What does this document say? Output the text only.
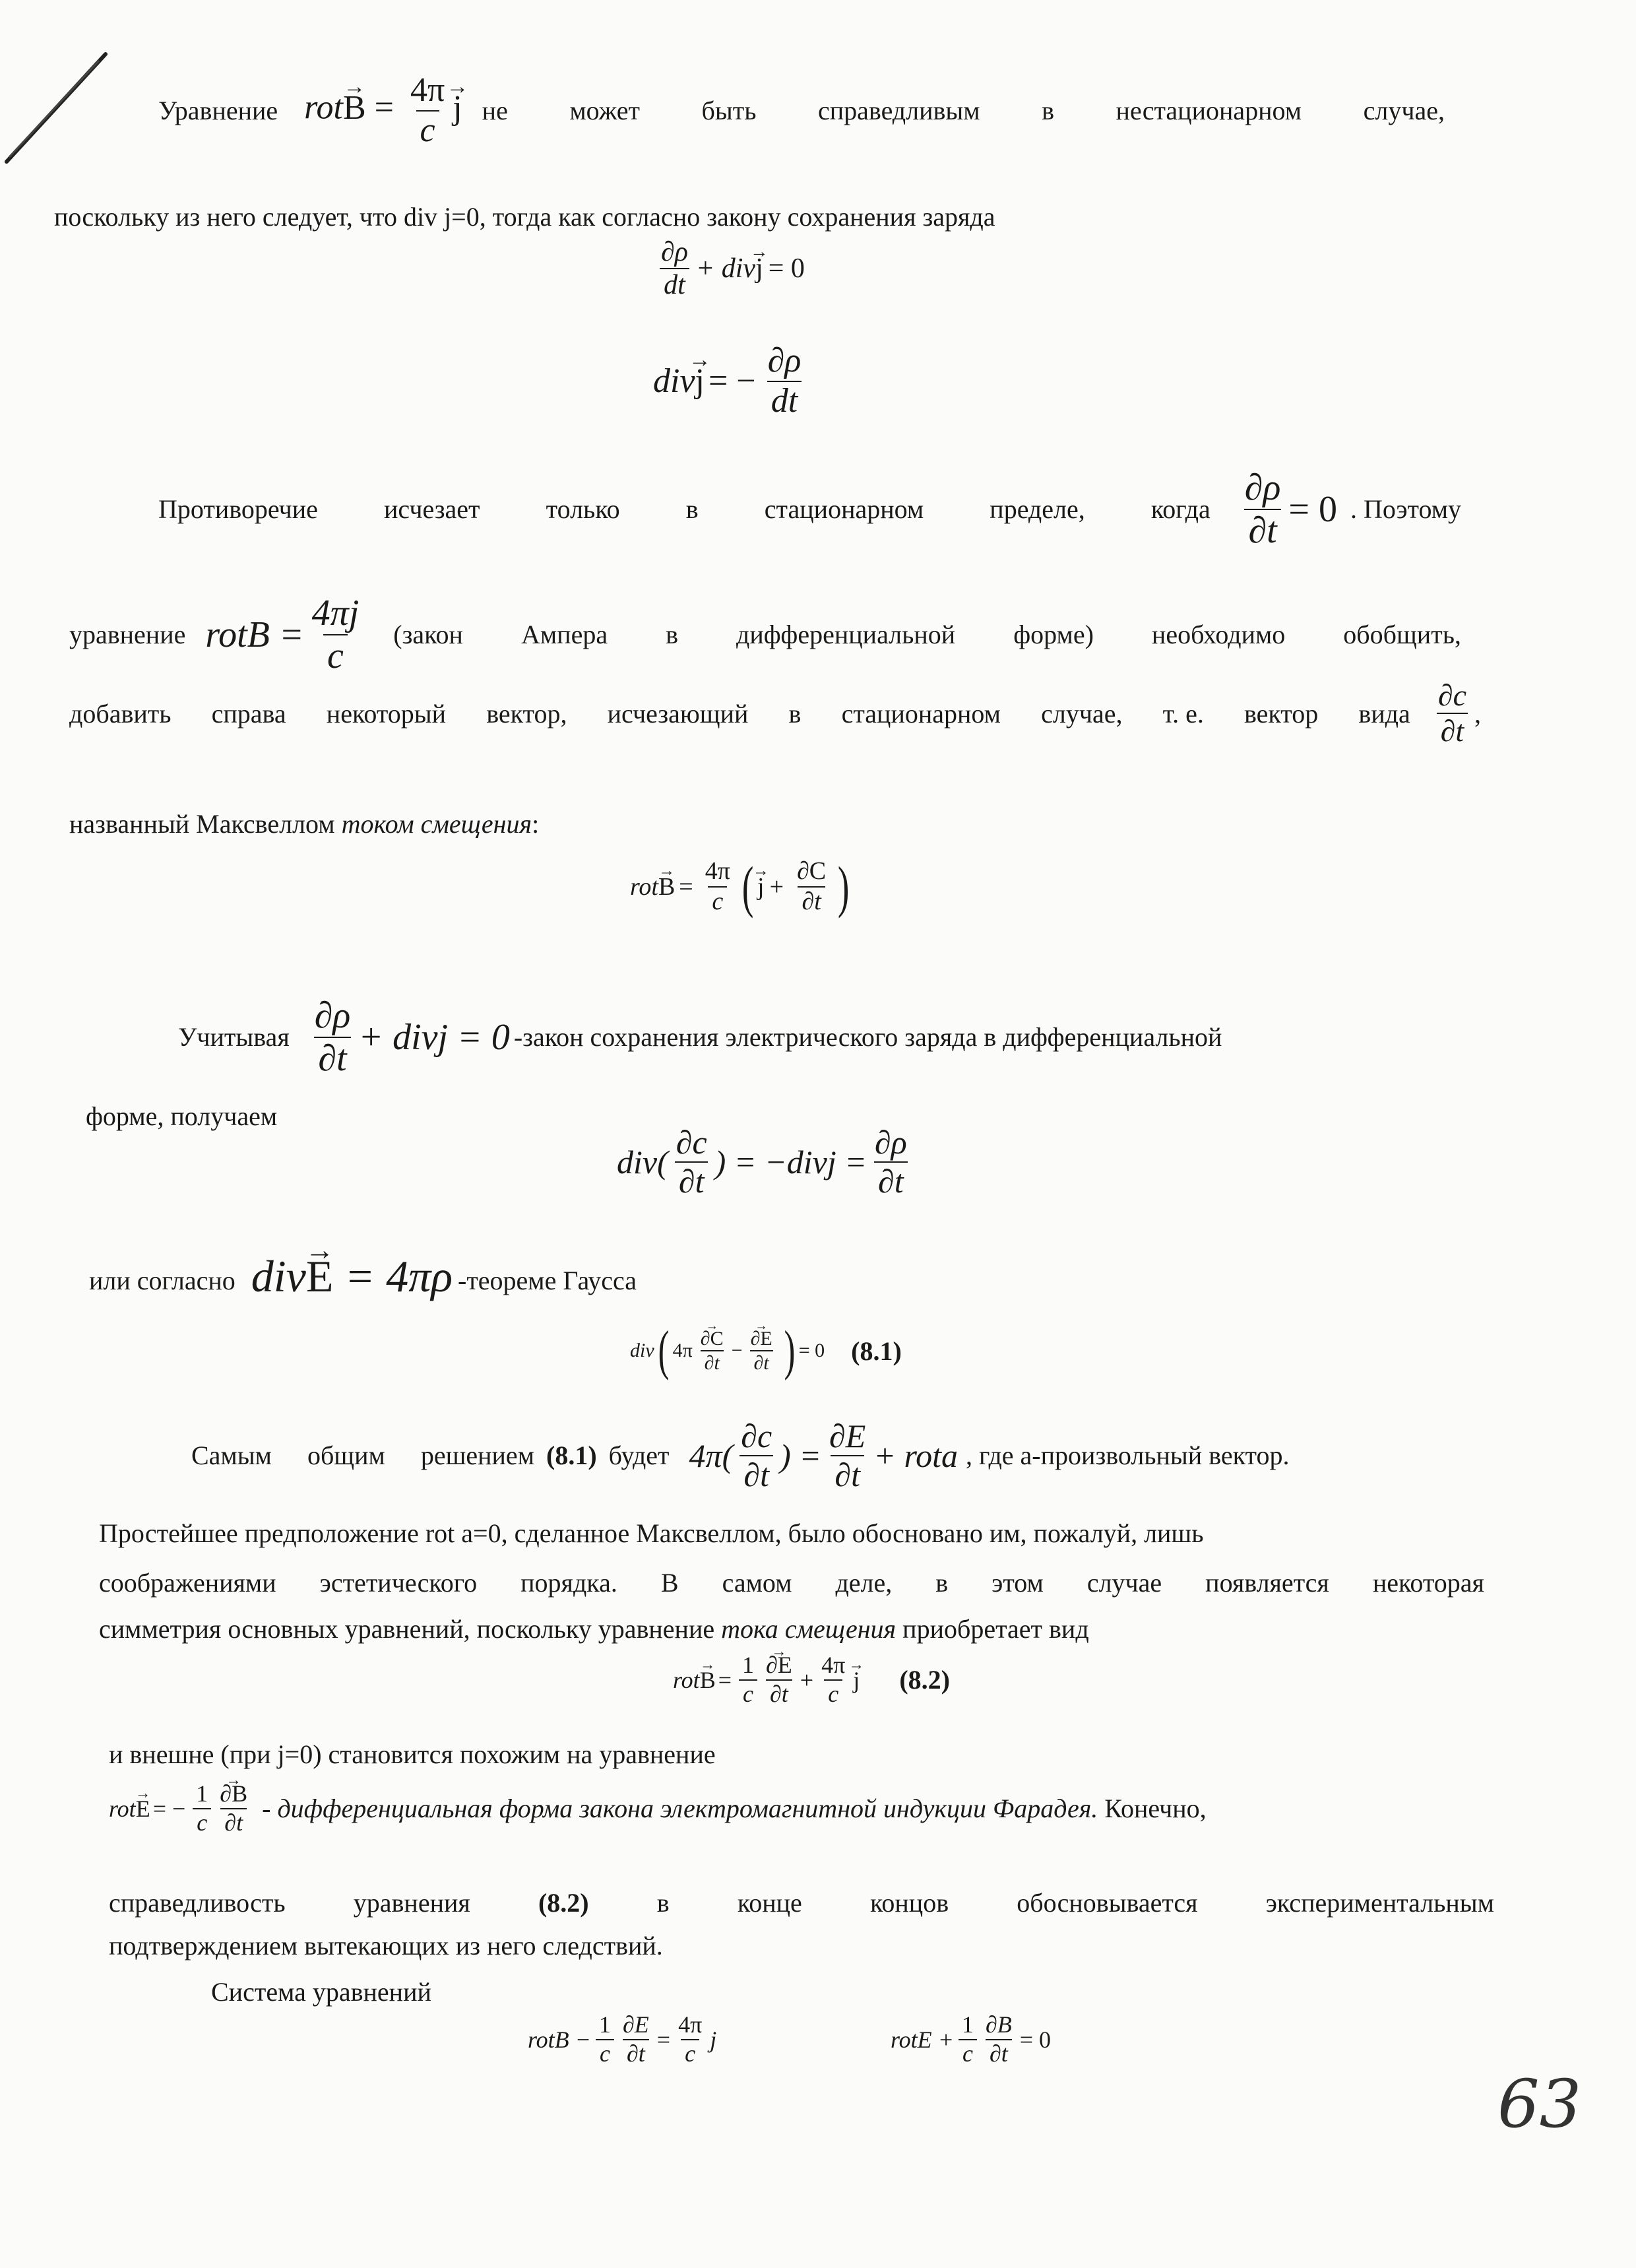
Уравнение $rot\to B = \frac{4\pi}{c}$
→ j не может быть справедливым в нестационарном случае,
поскольку из него следует, что div j=0, тогда как согласно закону сохранения заряда
$\frac{\partial\rho}{dt}$ + div
→ j = 0
div
→ j = − $\frac{\partial\rho}{dt}$
Противоречие	исчезает	только	в	стационарном	пределе,	когда $\frac{\partial\rho}{\partial t} = 0$ . Поэтому
уравнение rotB = $\frac{4\pi j}{c}$ (закон Ампера в дифференциальной форме) необходимо обобщить,
добавить справа некоторый вектор, исчезающий в стационарном случае, т. е. вектор вида $\frac{\partial c}{\partial t}$ ,
названный Максвеллом током смещения:
rot
→ $B = \frac{4\pi}{c}$ (
→ $j + \frac{\partial C}{\partial t}$ )
Учитывая $\frac{\partial\rho}{\partial t}$ + divj = 0 -закон сохранения электрического заряда в дифференциальной
форме, получаем
$div( \frac{\partial c}{\partial t}$ ) = −divj = $\frac{\partial\rho}{\partial t}$
или согласно div→ E = 4πρ -теореме Гаусса
div ( 4π
→ $\frac{\partial C}{\partial t}$ −
→ $\frac{\partial E}{\partial t}$ ) = 0 (8.1)
Самым общим решением (8.1) будет $4\pi( \frac{\partial c}{\partial t}$ ) = $\frac{\partial E}{\partial t}$ + rota , где а-произвольный вектор.
Простейшее предположение rot a=0, сделанное Максвеллом, было обосновано им, пожалуй, лишь
соображениями эстетического порядка. В самом деле, в этом случае появляется некоторая
симметрия основных уравнений, поскольку уравнение тока смещения приобретает вид
rot
→ $B = \frac{1}{c}$
→ $\frac{\partial E}{\partial t} + \frac{4\pi}{c}$
→ j (8.2)
и внешне (при j=0) становится похожим на уравнение
rot
→ E = − $\frac{1}{c}$
→ $\frac{\partial B}{\partial t}$ - дифференциальная форма закона электромагнитной индукции Фарадея. Конечно,
справедливость	уравнения	(8.2)	в	конце	концов	обосновывается	экспериментальным
подтверждением вытекающих из него следствий.
Система уравнений
rotB − $\frac{1}{c} \frac{\partial E}{\partial t} = \frac{4\pi}{c}$ j	rotE + $\frac{1}{c} \frac{\partial B}{\partial t} = 0$
63
